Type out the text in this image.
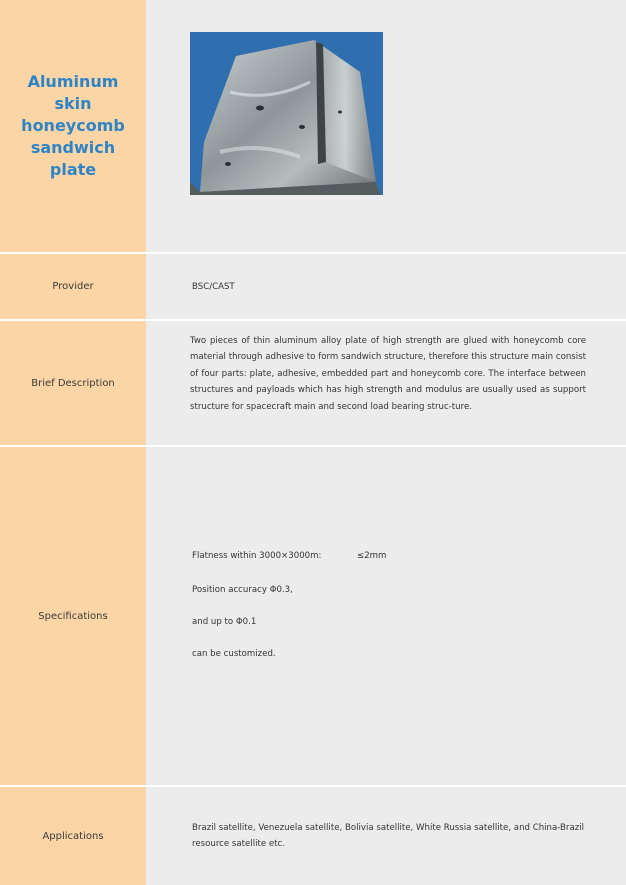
Aluminum skin honeycomb sandwich plate
Provider	BSC/CAST
Brief Description
Two pieces of thin aluminum alloy plate of high strength are glued with honeycomb core material through adhesive to form sandwich structure, therefore this structure main consist of four parts: plate, adhesive, embedded part and honeycomb core. The interface between structures and payloads which has high strength and modulus are usually used as support structure for spacecraft main and second load bearing struc-ture.
Specifications
Flatness within 3000×3000m:	≤2mm
Position accuracy Φ0.3,
and up to Φ0.1
can be customized.
Applications
Brazil satellite, Venezuela satellite, Bolivia satellite, White Russia satellite, and China-Brazil resource satellite etc.
